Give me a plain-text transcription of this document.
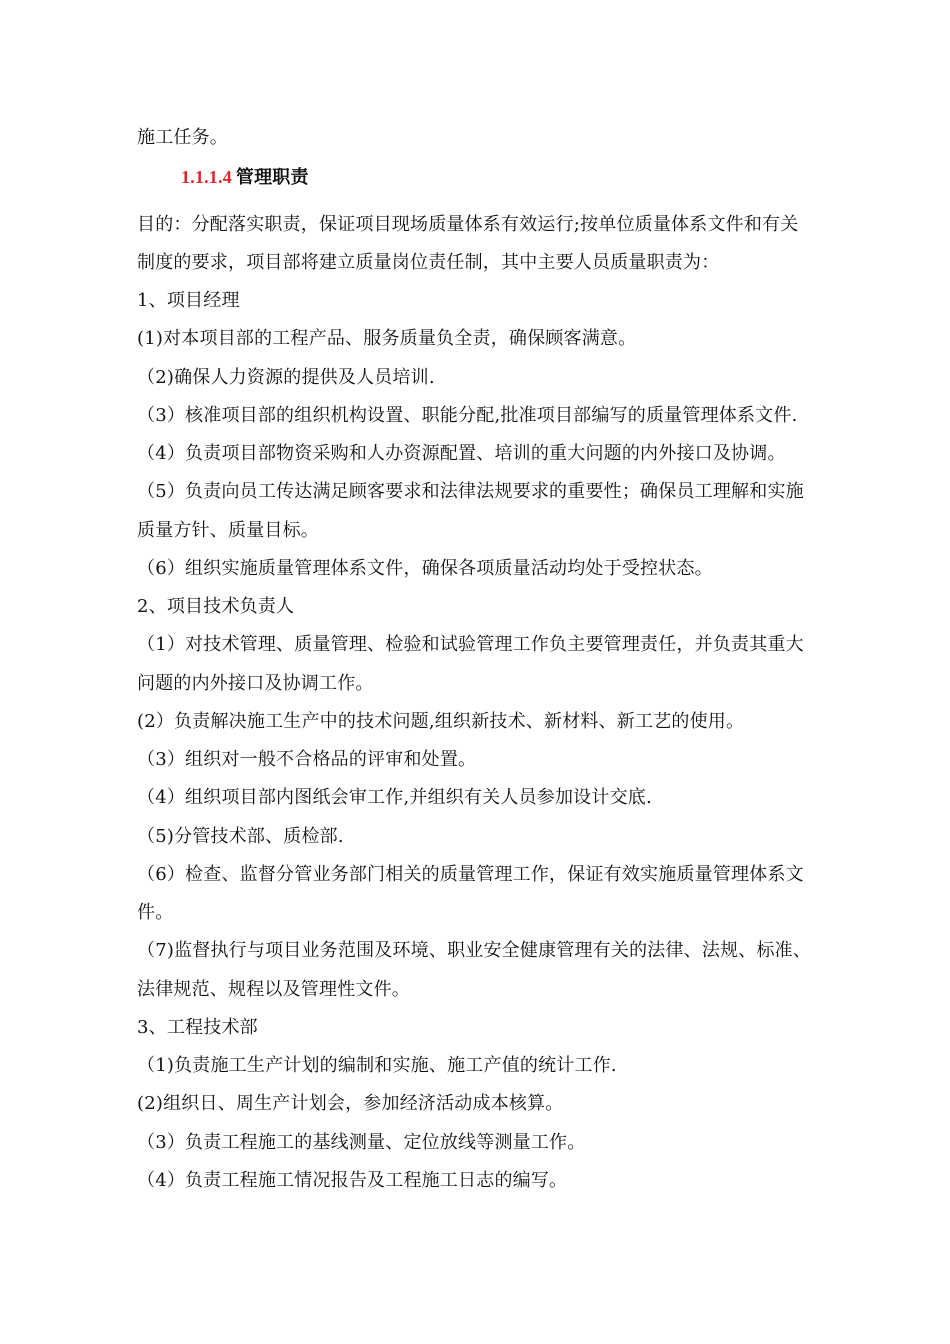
施工任务。
1.1.1.4 管理职责
目的：分配落实职责，保证项目现场质量体系有效运行;按单位质量体系文件和有关
制度的要求，项目部将建立质量岗位责任制，其中主要人员质量职责为：
1、项目经理
(1)对本项目部的工程产品、服务质量负全责，确保顾客满意。
（2)确保人力资源的提供及人员培训.
（3）核准项目部的组织机构设置、职能分配,批准项目部编写的质量管理体系文件.
（4）负责项目部物资采购和人办资源配置、培训的重大问题的内外接口及协调。
（5）负责向员工传达满足顾客要求和法律法规要求的重要性；确保员工理解和实施
质量方针、质量目标。
（6）组织实施质量管理体系文件，确保各项质量活动均处于受控状态。
2、项目技术负责人
（1）对技术管理、质量管理、检验和试验管理工作负主要管理责任，并负责其重大
问题的内外接口及协调工作。
(2）负责解决施工生产中的技术问题,组织新技术、新材料、新工艺的使用。
（3）组织对一般不合格品的评审和处置。
（4）组织项目部内图纸会审工作,并组织有关人员参加设计交底.
（5)分管技术部、质检部.
（6）检查、监督分管业务部门相关的质量管理工作，保证有效实施质量管理体系文
件。
（7)监督执行与项目业务范围及环境、职业安全健康管理有关的法律、法规、标准、
法律规范、规程以及管理性文件。
3、工程技术部
（1)负责施工生产计划的编制和实施、施工产值的统计工作.
(2)组织日、周生产计划会，参加经济活动成本核算。
（3）负责工程施工的基线测量、定位放线等测量工作。
（4）负责工程施工情况报告及工程施工日志的编写。
